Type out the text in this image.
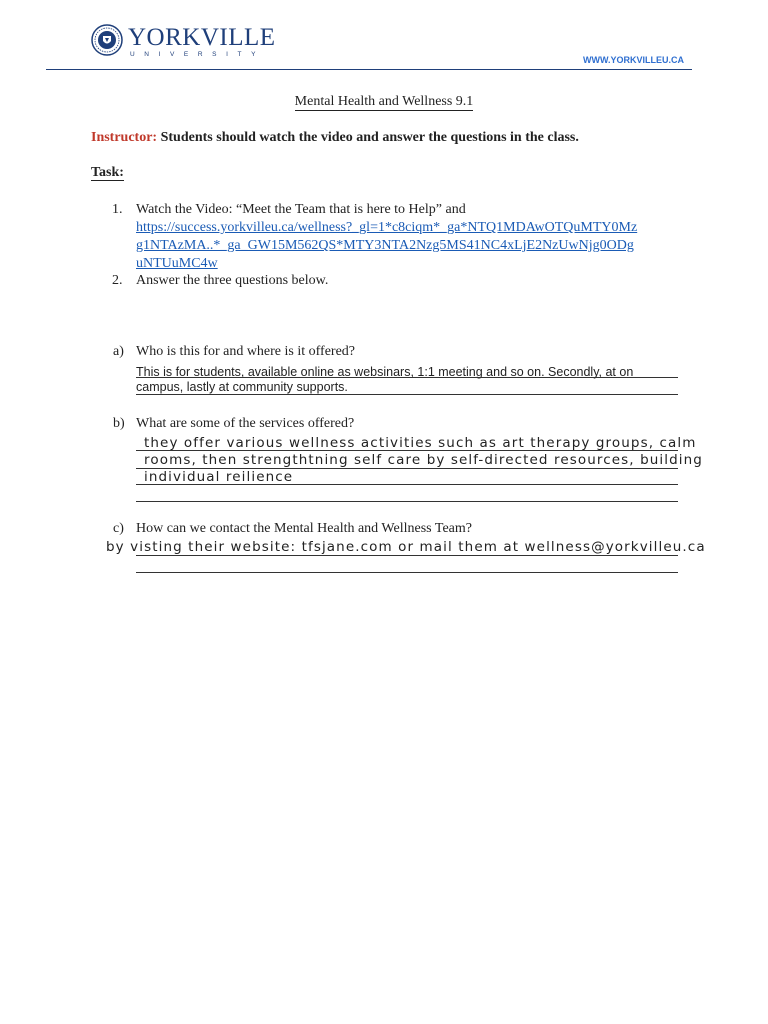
YORKVILLE
UNIVERSITY
WWW.YORKVILLEU.CA
Mental Health and Wellness 9.1
Instructor: Students should watch the video and answer the questions in the class.
Task:
1. Watch the Video: “Meet the Team that is here to Help” and
https://success.yorkvilleu.ca/wellness?_gl=1*c8ciqm*_ga*NTQ1MDAwOTQuMTY0Mz
g1NTAzMA..*_ga_GW15M562QS*MTY3NTA2Nzg5MS41NC4xLjE2NzUwNjg0ODg
uNTUuMC4w
2. Answer the three questions below.
a) Who is this for and where is it offered?
This is for students, available online as websinars, 1:1 meeting and so on. Secondly, at on
campus, lastly at community supports.
b) What are some of the services offered?
they offer various wellness activities such as art therapy groups, calm
rooms, then strengthtning self care by self-directed resources, building
individual reilience
c) How can we contact the Mental Health and Wellness Team?
by visting their website: tfsjane.com or mail them at wellness@yorkvilleu.ca
